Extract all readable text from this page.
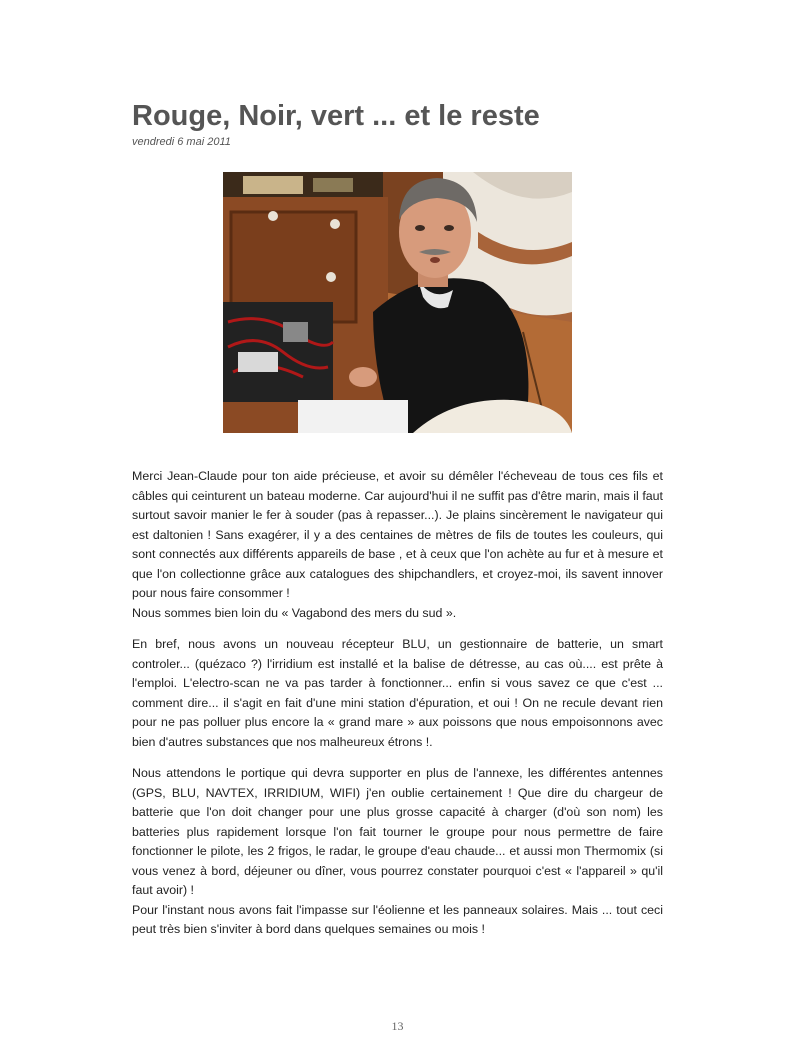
Rouge, Noir, vert ... et le reste
vendredi 6 mai 2011

Merci Jean-Claude pour ton aide précieuse, et avoir su démêler l'écheveau de tous ces fils et câbles qui ceinturent un bateau moderne. Car aujourd'hui il ne suffit pas d'être marin, mais il faut surtout savoir manier le fer à souder (pas à repasser...). Je plains sincèrement le navigateur qui est daltonien ! Sans exagérer, il y a des centaines de mètres de fils de toutes les couleurs, qui sont connectés aux différents appareils de base , et à ceux que l'on achète au fur et à mesure et que l'on collectionne grâce aux catalogues des shipchandlers, et croyez-moi, ils savent innover pour nous faire consommer !

Nous sommes bien loin du « Vagabond des mers du sud ».

En bref, nous avons un nouveau récepteur BLU, un gestionnaire de batterie, un smart controler... (quézaco ?) l'irridium est installé et la balise de détresse, au cas où.... est prête à l'emploi. L'electro-scan ne va pas tarder à fonctionner... enfin si vous savez ce que c'est ... comment dire... il s'agit en fait d'une mini station d'épuration, et oui ! On ne recule devant rien pour ne pas polluer plus encore la « grand mare » aux poissons que nous empoisonnons avec bien d'autres substances que nos malheureux étrons !.

Nous attendons le portique qui devra supporter en plus de l'annexe, les différentes antennes (GPS, BLU, NAVTEX, IRRIDIUM, WIFI) j'en oublie certainement ! Que dire du chargeur de batterie que l'on doit changer pour une plus grosse capacité à charger (d'où son nom) les batteries plus rapidement lorsque l'on fait tourner le groupe pour nous permettre de faire fonctionner le pilote, les 2 frigos, le radar, le groupe d'eau chaude... et aussi mon Thermomix (si vous venez à bord, déjeuner ou dîner, vous pourrez constater pourquoi c'est « l'appareil » qu'il faut avoir) !

Pour l'instant nous avons fait l'impasse sur l'éolienne et les panneaux solaires. Mais ... tout ceci peut très bien s'inviter à bord dans quelques semaines ou mois !

13
